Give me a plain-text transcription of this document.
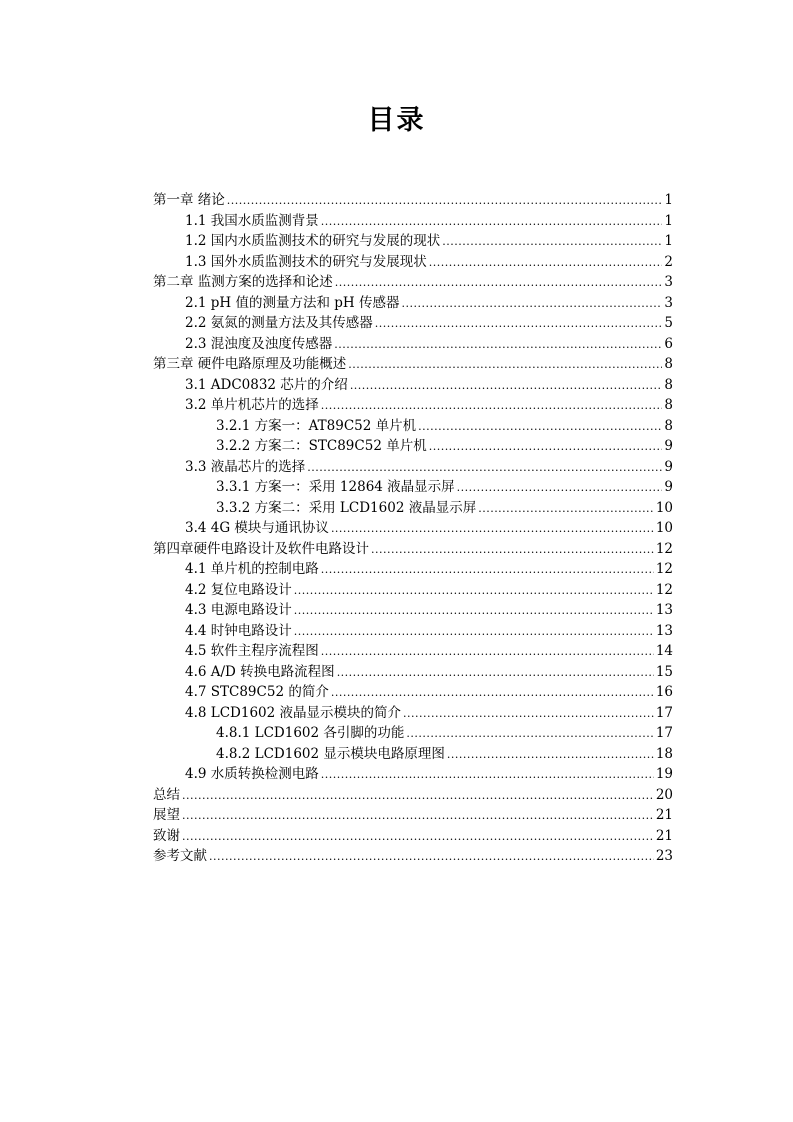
目录
第一章 绪论 .....	1
1.1 我国水质监测背景 .....	1
1.2 国内水质监测技术的研究与发展的现状 .....	1
1.3 国外水质监测技术的研究与发展现状 .....	2
第二章 监测方案的选择和论述 .....	3
2.1 pH 值的测量方法和 pH 传感器 .....	3
2.2 氨氮的测量方法及其传感器 .....	5
2.3 混浊度及浊度传感器 .....	6
第三章 硬件电路原理及功能概述 .....	8
3.1 ADC0832 芯片的介绍 .....	8
3.2 单片机芯片的选择 .....	8
3.2.1 方案一：AT89C52 单片机 .....	8
3.2.2 方案二：STC89C52 单片机 .....	9
3.3 液晶芯片的选择 .....	9
3.3.1 方案一：采用 12864 液晶显示屏 .....	9
3.3.2 方案二：采用 LCD1602 液晶显示屏 .....	10
3.4 4G 模块与通讯协议 .....	10
第四章硬件电路设计及软件电路设计 .....	12
4.1 单片机的控制电路 .....	12
4.2 复位电路设计 .....	12
4.3 电源电路设计 .....	13
4.4 时钟电路设计 .....	13
4.5 软件主程序流程图 .....	14
4.6 A/D 转换电路流程图 .....	15
4.7 STC89C52 的简介 .....	16
4.8 LCD1602 液晶显示模块的简介 .....	17
4.8.1 LCD1602 各引脚的功能 .....	17
4.8.2 LCD1602 显示模块电路原理图 .....	18
4.9 水质转换检测电路 .....	19
总结 .....	20
展望 .....	21
致谢 .....	21
参考文献 .....	23
